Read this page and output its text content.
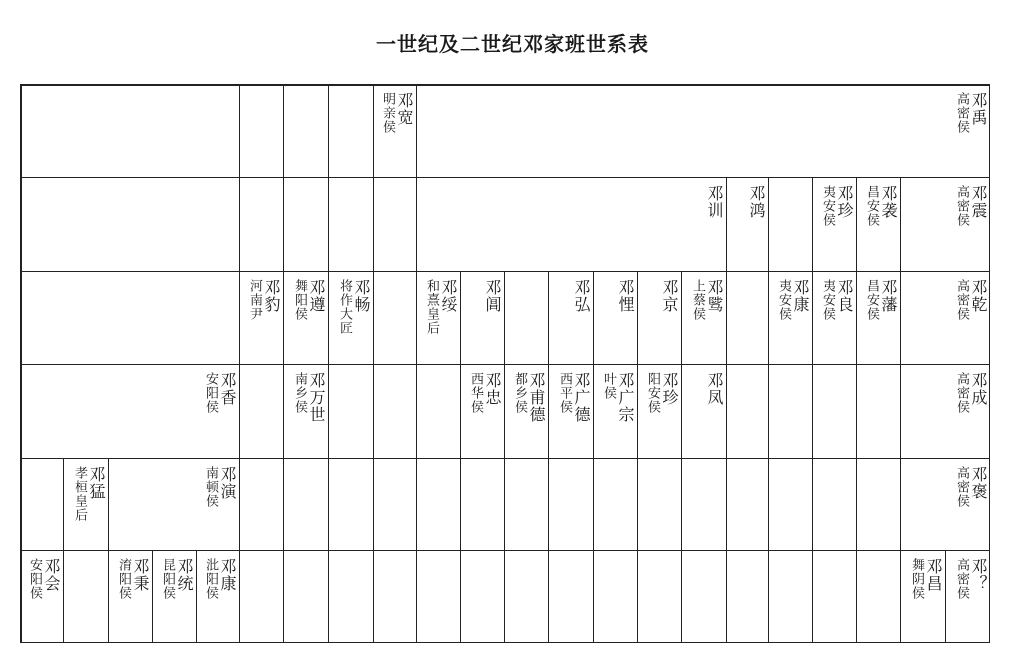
一世纪及二世纪邓家班世系表
邓禹
高密侯
邓宽
明亲侯
邓震
高密侯
邓袭
昌安侯
邓珍
夷安侯
邓鸿
邓训
邓乾
高密侯
邓藩
昌安侯
邓良
夷安侯
邓康
夷安侯
邓骘
上蔡侯
邓京
邓悝
邓弘
邓阊
邓绥
和熹皇后
邓畅
将作大匠
邓遵
舞阳侯
邓豹
河南尹
邓成
高密侯
邓凤
邓珍
阳安侯
邓广宗
叶侯
邓广德
西平侯
邓甫德
都乡侯
邓忠
西华侯
邓万世
南乡侯
邓香
安阳侯
邓褒
高密侯
邓演
南顿侯
邓猛
孝桓皇后
邓？
高密侯
邓昌
舞阴侯
邓康
沘阳侯
邓统
昆阳侯
邓秉
淯阳侯
邓会
安阳侯
